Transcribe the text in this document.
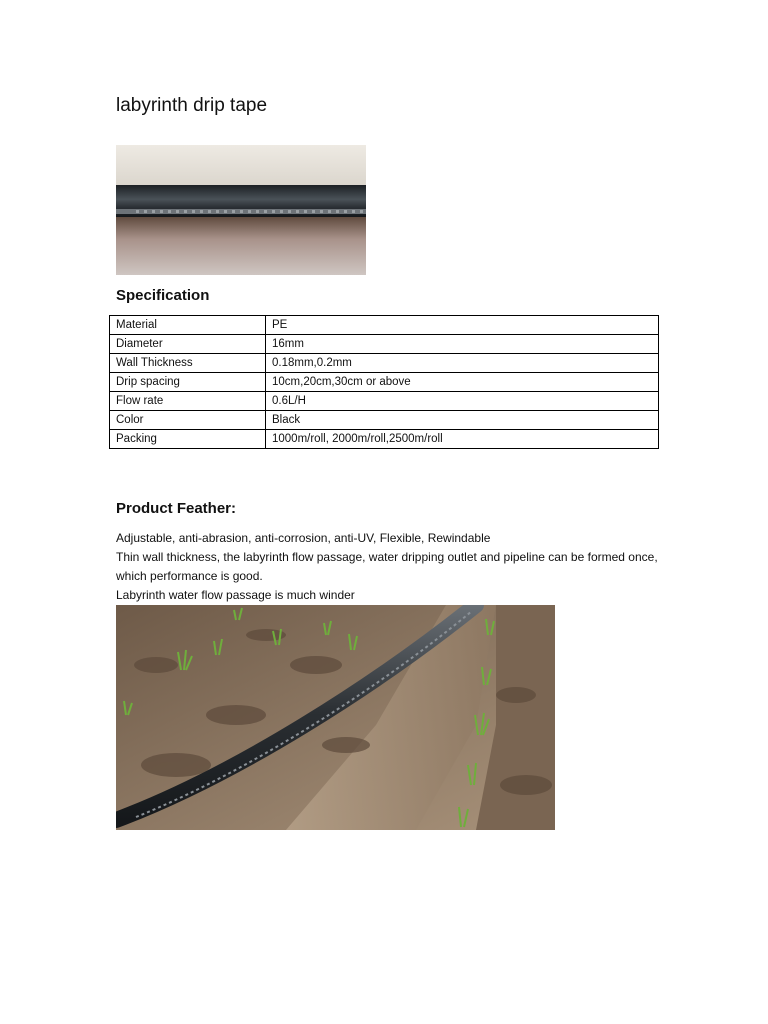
labyrinth drip tape
Specification
Material	PE
Diameter	16mm
Wall Thickness	0.18mm,0.2mm
Drip spacing	10cm,20cm,30cm or above
Flow rate	0.6L/H
Color	Black
Packing	1000m/roll, 2000m/roll,2500m/roll
Product Feather:

Adjustable, anti-abrasion, anti-corrosion, anti-UV, Flexible, Rewindable

Thin wall thickness, the labyrinth flow passage, water dripping outlet and pipeline can be formed once, which performance is good.

Labyrinth water flow passage is much winder
